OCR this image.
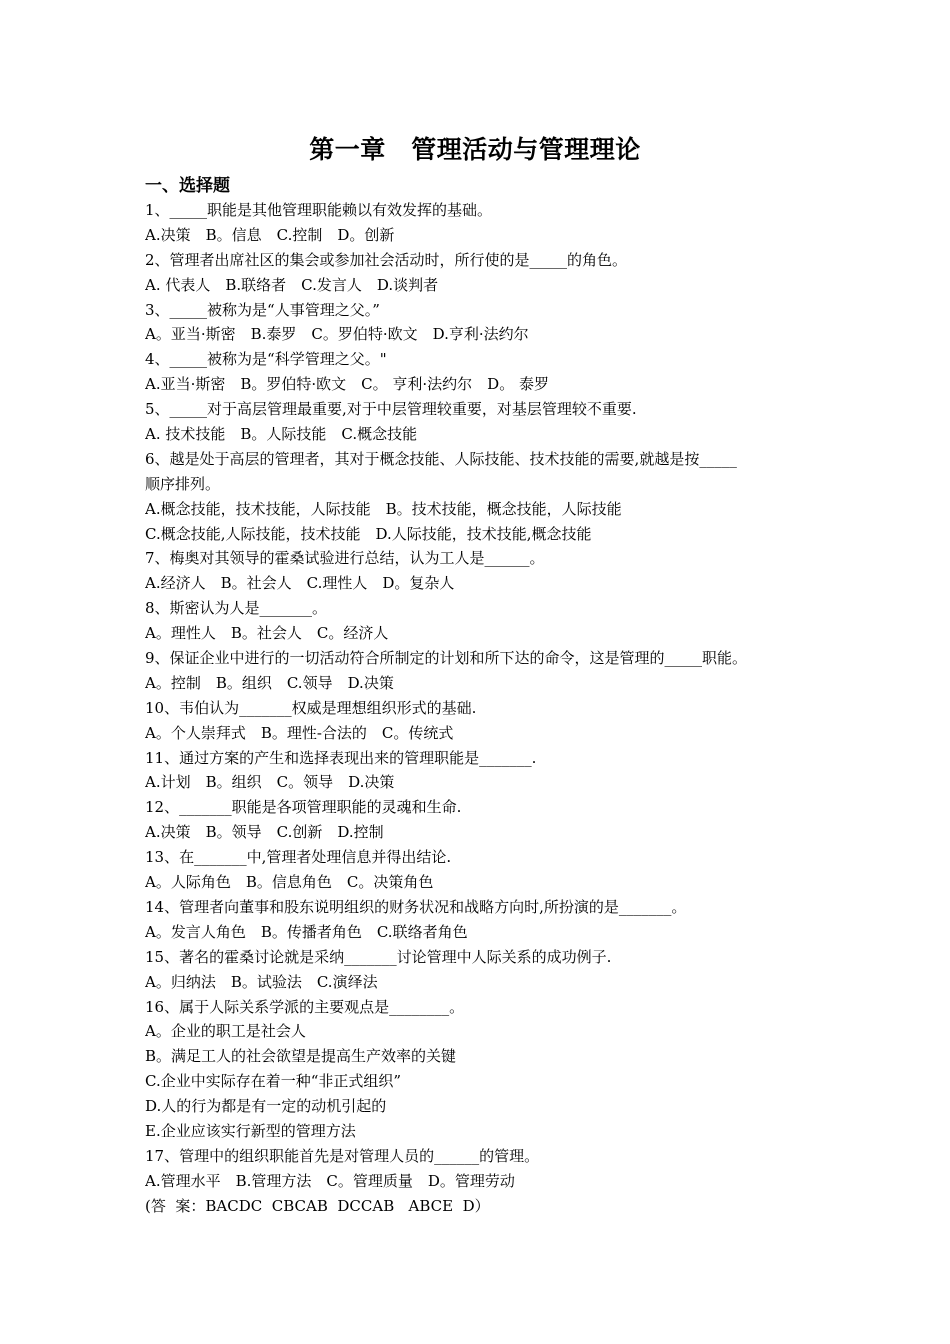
第一章　管理活动与管理理论
一、选择题
1、_____职能是其他管理职能赖以有效发挥的基础。
A.决策　B。信息　C.控制　D。创新
2、管理者出席社区的集会或参加社会活动时，所行使的是_____的角色。
A. 代表人　B.联络者　C.发言人　D.谈判者
3、_____被称为是“人事管理之父。”
A。亚当·斯密　B.泰罗　C。罗伯特·欧文　D.亨利·法约尔
4、_____被称为是“科学管理之父。"
A.亚当·斯密　B。罗伯特·欧文　C。 亨利·法约尔　D。 泰罗
5、_____对于高层管理最重要,对于中层管理较重要，对基层管理较不重要.
A. 技术技能　B。人际技能　C.概念技能
6、越是处于高层的管理者，其对于概念技能、人际技能、技术技能的需要,就越是按_____
顺序排列。
A.概念技能，技术技能，人际技能　B。技术技能，概念技能，人际技能
C.概念技能,人际技能，技术技能　D.人际技能，技术技能,概念技能
7、梅奥对其领导的霍桑试验进行总结，认为工人是______。
A.经济人　B。社会人　C.理性人　D。复杂人
8、斯密认为人是_______。
A。理性人　B。社会人　C。经济人
9、保证企业中进行的一切活动符合所制定的计划和所下达的命令，这是管理的_____职能。
A。控制　B。组织　C.领导　D.决策
10、韦伯认为_______权威是理想组织形式的基础.
A。个人崇拜式　B。理性-合法的　C。传统式
11、通过方案的产生和选择表现出来的管理职能是_______.
A.计划　B。组织　C。领导　D.决策
12、_______职能是各项管理职能的灵魂和生命.
A.决策　B。领导　C.创新　D.控制
13、在_______中,管理者处理信息并得出结论.
A。人际角色　B。信息角色　C。决策角色
14、管理者向董事和股东说明组织的财务状况和战略方向时,所扮演的是_______。
A。发言人角色　B。传播者角色　C.联络者角色
15、著名的霍桑讨论就是采纳_______讨论管理中人际关系的成功例子.
A。归纳法　B。试验法　C.演绎法
16、属于人际关系学派的主要观点是________。
A。企业的职工是社会人
B。满足工人的社会欲望是提高生产效率的关键
C.企业中实际存在着一种“非正式组织”
D.人的行为都是有一定的动机引起的
E.企业应该实行新型的管理方法
17、管理中的组织职能首先是对管理人员的______的管理。
A.管理水平　B.管理方法　C。管理质量　D。管理劳动
(答  案：BACDC  CBCAB  DCCAB   ABCE  D）
